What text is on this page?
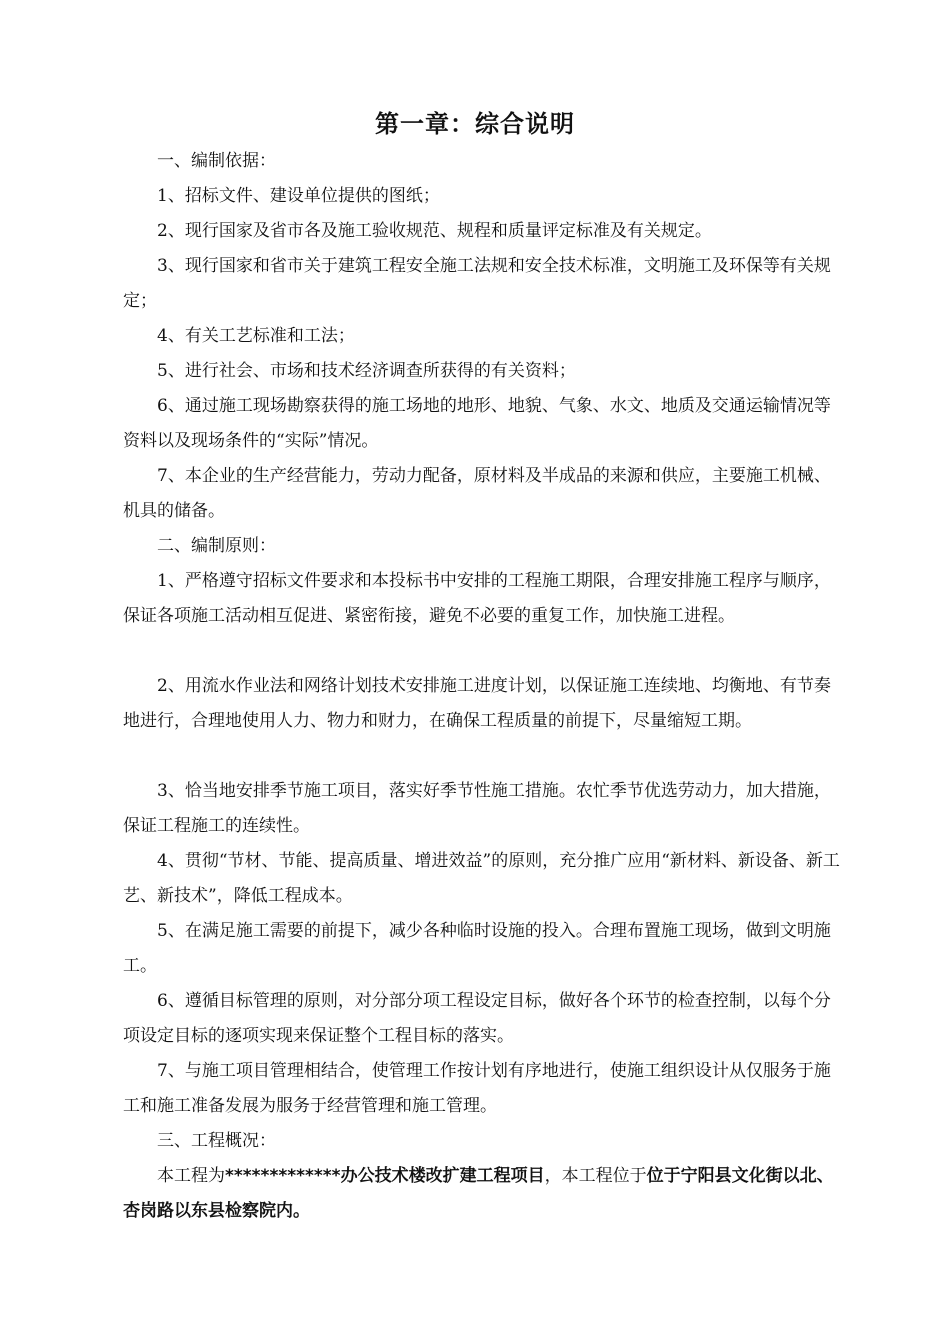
第一章：综合说明
一、编制依据：
1、招标文件、建设单位提供的图纸；
2、现行国家及省市各及施工验收规范、规程和质量评定标准及有关规定。
3、现行国家和省市关于建筑工程安全施工法规和安全技术标准，文明施工及环保等有关规定；
4、有关工艺标准和工法；
5、进行社会、市场和技术经济调查所获得的有关资料；
6、通过施工现场勘察获得的施工场地的地形、地貌、气象、水文、地质及交通运输情况等资料以及现场条件的“实际”情况。
7、本企业的生产经营能力，劳动力配备，原材料及半成品的来源和供应，主要施工机械、机具的储备。
二、编制原则：
1、严格遵守招标文件要求和本投标书中安排的工程施工期限，合理安排施工程序与顺序，保证各项施工活动相互促进、紧密衔接，避免不必要的重复工作，加快施工进程。
2、用流水作业法和网络计划技术安排施工进度计划，以保证施工连续地、均衡地、有节奏地进行，合理地使用人力、物力和财力，在确保工程质量的前提下，尽量缩短工期。
3、恰当地安排季节施工项目，落实好季节性施工措施。农忙季节优选劳动力，加大措施，保证工程施工的连续性。
4、贯彻“节材、节能、提高质量、增进效益”的原则，充分推广应用“新材料、新设备、新工艺、新技术”，降低工程成本。
5、在满足施工需要的前提下，减少各种临时设施的投入。合理布置施工现场，做到文明施工。
6、遵循目标管理的原则，对分部分项工程设定目标，做好各个环节的检查控制，以每个分项设定目标的逐项实现来保证整个工程目标的落实。
7、与施工项目管理相结合，使管理工作按计划有序地进行，使施工组织设计从仅服务于施工和施工准备发展为服务于经营管理和施工管理。
三、工程概况：
本工程为*************办公技术楼改扩建工程项目，本工程位于位于宁阳县文化街以北、杏岗路以东县检察院内。
